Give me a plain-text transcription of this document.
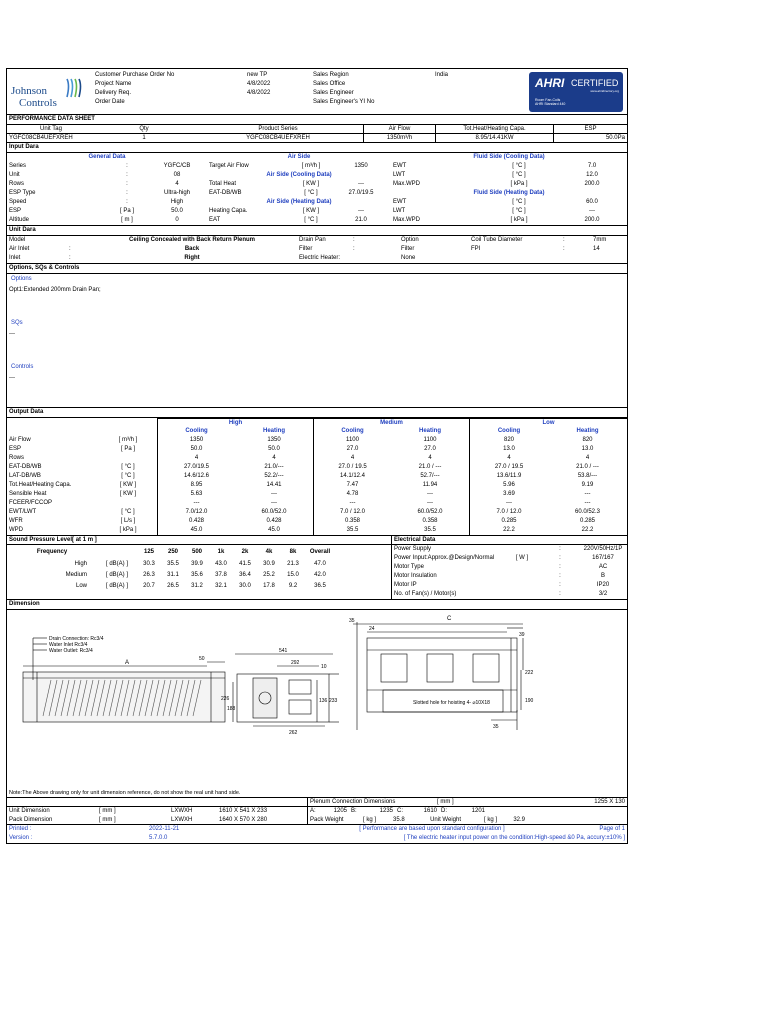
Johnson
Controls
Customer Purchase Order No
Project Name
Delivery Req.
Order Date
new TP
4/8/2022
4/8/2022
Sales Region
Sales Office
Sales Engineer
Sales Engineer's YI No
India
AHRI CERTIFIED
www.ahridirectory.org
Room Fan-Coils
AHRI Standard 440
PERFORMANCE DATA SHEET
Unit Tag	Qty	Product Series	Air Flow	Tot.Heat/Heating Capa.	ESP
YGFC08CB4UEFXREH	1	YGFC08CB4UEFXREH	1350m³/h	8.95/14.41KW	50.0Pa
Input Dara
General Data	Air Side	Fluid Side (Cooling Data)
Series	:	YGFC/CB	Target Air Flow	[ m³/h ]	1350	EWT	[ °C ]	7.0
Unit	:	08	Air Side (Cooling Data)	LWT	[ °C ]	12.0
Rows	:	4	Total Heat	[ KW ]	---	Max.WPD	[ kPa ]	200.0
ESP Type	:	Ultra-high	EAT-DB/WB	[ °C ]	27.0/19.5	Fluid Side (Heating Data)
Speed	:	High	Air Side (Heating Data)	EWT	[ °C ]	60.0
ESP	[ Pa ]	50.0	Heating Capa.	[ KW ]	---	LWT	[ °C ]	---
Altitude	[ m ]	0	EAT	[ °C ]	21.0	Max.WPD	[ kPa ]	200.0
Unit Dara
Model	Ceiling Concealed with Back Return Plenum	Drain Pan	:	Option	Coil Tube Diameter	:	7mm
Air Inlet	:	Back	Filter	:	Filter	FPI	:	14
Inlet	:	Right	Electric Heater:	None
Options, SQs & Controls
Options
Opt1:Extended 200mm Drain Pan;
SQs
---
Controls
---
Output Data
High	Medium	Low
Cooling	Heating	Cooling	Heating	Cooling	Heating
Air Flow	[ m³/h ]	1350	1350	1100	1100	820	820
ESP	[ Pa ]	50.0	50.0	27.0	27.0	13.0	13.0
Rows	4	4	4	4	4	4
EAT-DB/WB	[ °C ]	27.0/19.5	21.0/---	27.0 / 19.5	21.0 / ---	27.0 / 19.5	21.0 / ---
LAT-DB/WB	[ °C ]	14.6/12.6	52.2/---	14.1/12.4	52.7/---	13.6/11.9	53.8/---
Tot.Heat/Heating Capa.	[ KW ]	8.95	14.41	7.47	11.94	5.96	9.19
Sensible Heat	[ KW ]	5.63	---	4.78	---	3.69	---
FCEER/FCCOP	---	---	---	---	---	---
EWT/LWT	[ °C ]	7.0/12.0	60.0/52.0	7.0 / 12.0	60.0/52.0	7.0 / 12.0	60.0/52.3
WFR	[ L/s ]	0.428	0.428	0.358	0.358	0.285	0.285
WPD	[ kPa ]	45.0	45.0	35.5	35.5	22.2	22.2
Sound Pressure Level[ at 1 m ]
Frequency	125	250	500	1k	2k	4k	8k	Overall
High	[ dB(A) ]	30.3	35.5	39.9	43.0	41.5	30.9	21.3	47.0
Medium	[ dB(A) ]	26.3	31.1	35.6	37.8	36.4	25.2	15.0	42.0
Low	[ dB(A) ]	20.7	26.5	31.2	32.1	30.0	17.8	9.2	36.5
Electrical Data
Power Supply	:	220V/50Hz/1P
Power Input:Approx.@Design/Normal	[ W ]	:	167/167
Motor Type	:	AC
Motor Insulation	:	B
Motor IP	:	IP20
No. of Fan(s) / Motor(s)	:	3/2
Dimension
Drain Connection: Rc3/4
Water Inlet Rc3/4
Water Outlet: Rc3/4
A
50
541
292
10
136 233
226
188
262
35
24
C
39
222
190
35
Slotted hole for hoisting 4- ⌀10X18
Note:The Above drawing only for unit dimension reference, do not show the real unit hand side.
Plenum Connection Dimensions	[ mm ]	1255 X 130
Unit Dimension	[ mm ]	LXWXH	1610 X 541 X 233	A:	1205 B:	1235 C:	1610 D:	1201
Pack Dimension	[ mm ]	LXWXH	1640 X 570 X 280	Pack Weight	[ kg ]	35.8	Unit Weight	[ kg ]	32.9
Printed :	2022-11-21	[ Performance are based upon standard configuration ]	Page of 1
Version :	5.7.0.0	[ The electric heater input power on the condition:High-speed &0 Pa, accury:±10% ]
